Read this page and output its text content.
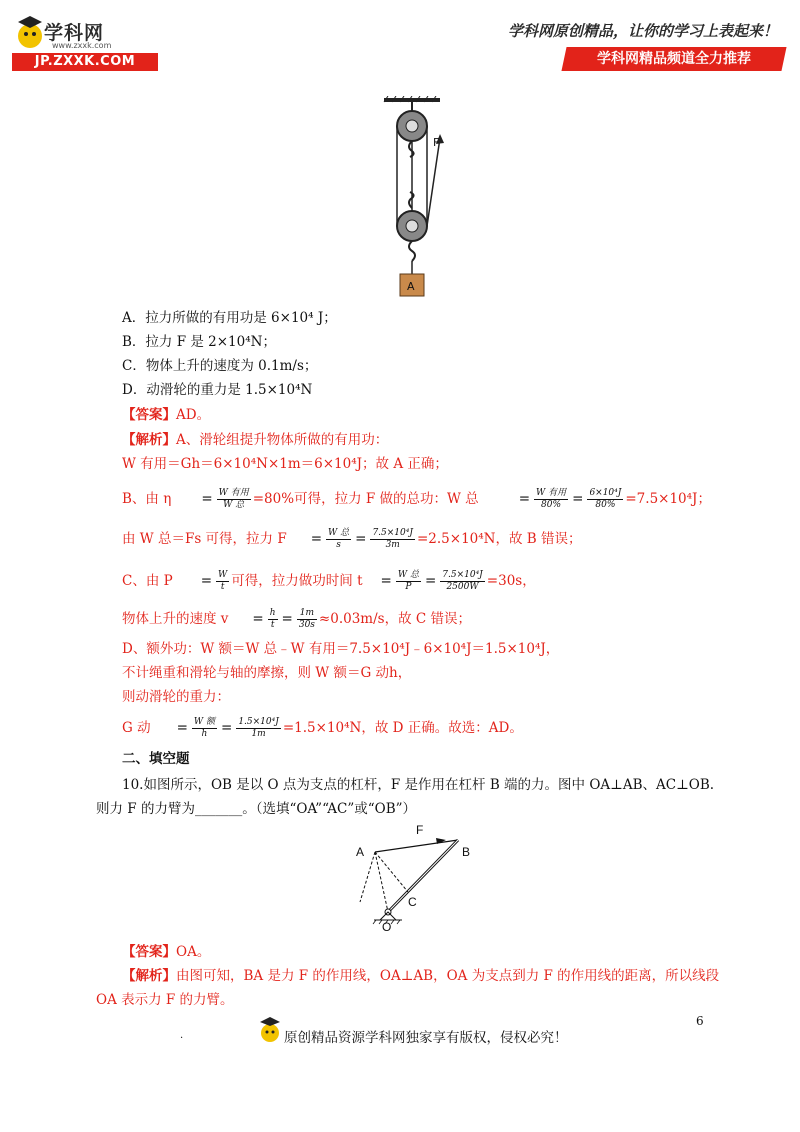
学科网
www.zxxk.com
JP.ZXXK.COM
学科网原创精品，让你的学习上表起来！
学科网精品频道全力推荐
F
A
A．拉力所做的有用功是 6×10⁴ J；
B．拉力 F 是 2×10⁴N；
C．物体上升的速度为 0.1m/s；
D．动滑轮的重力是 1.5×10⁴N
【答案】AD。
【解析】A、滑轮组提升物体所做的有用功：
W 有用＝Gh＝6×10⁴N×1m＝6×10⁴J；故 A 正确；
B、由 $\eta = \frac{\text{W 有用}}{\text{W 总}} =80\%$可得，拉力 F 做的总功：W 总	= $\frac{\text{W 有用}}{80\%} = \frac{\text{6×10⁴J}}{80\%} =7.5\times 10^4J$；
由 W 总＝Fs 可得，拉力 $F = \frac{\text{W 总}}{s} = \frac{\text{7.5×10⁴J}}{3m} =2.5\times 10^4N$，故 B 错误；
C、由 $P = \frac{W}{t}$ 可得，拉力做功时间 $t = \frac{\text{W 总}}{P} = \frac{\text{7.5×10⁴J}}{2500W} =30s$，
物体上升的速度 $v = \frac{h}{t} = \frac{1m}{30s} \approx 0.03m/s$，故 C 错误；
D、额外功：W 额＝W 总﹣W 有用＝7.5×10⁴J﹣6×10⁴J＝1.5×10⁴J，
不计绳重和滑轮与轴的摩擦，则 W 额＝G 动h，
则动滑轮的重力：
G 动 = $\frac{\text{W 额}}{h} = \frac{\text{1.5×10⁴J}}{1m} =1.5\times 10^4N$，故 D 正确。故选：AD。
二、填空题
10.如图所示，OB 是以 O 点为支点的杠杆，F 是作用在杠杆 B 端的力。图中 OA⊥AB、AC⊥OB.
则力 F 的力臂为_______。（选填“OA”“AC”或“OB”）
F
A	B
C
O
【答案】OA。
【解析】由图可知，BA 是力 F 的作用线，OA⊥AB，OA 为支点到力 F 的作用线的距离，所以线段
OA 表示力 F 的力臂。
6
.	原创精品资源学科网独家享有版权，侵权必究！
